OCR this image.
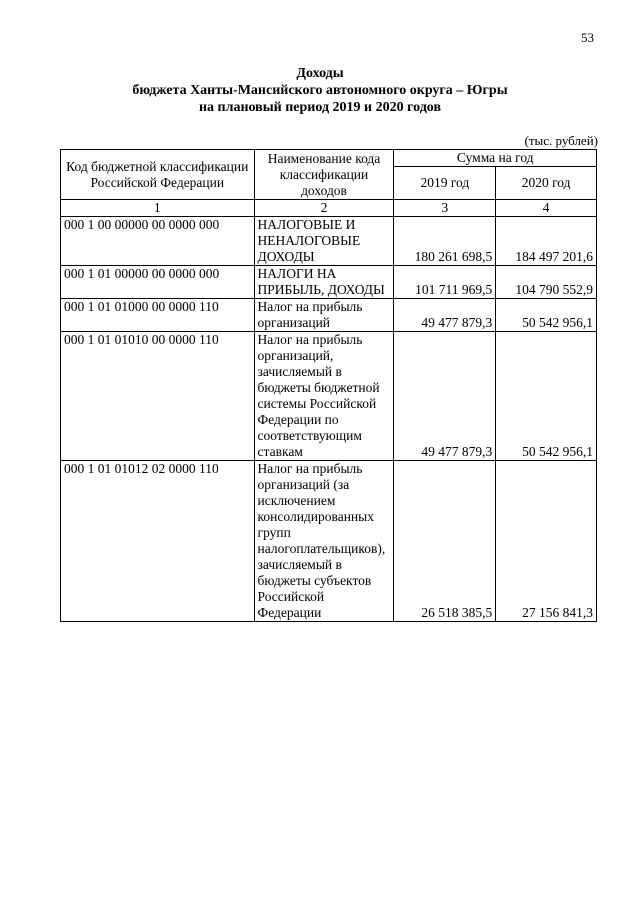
53
Доходы
бюджета Ханты-Мансийского автономного округа – Югры
на плановый период 2019 и 2020 годов
(тыс. рублей)
Код бюджетной классификации Российской Федерации	Наименование кода классификации доходов	Сумма на год	
		2019 год	2020 год
1	2	3	4
000 1 00 00000 00 0000 000	НАЛОГОВЫЕ И НЕНАЛОГОВЫЕ ДОХОДЫ	180 261 698,5	184 497 201,6
000 1 01 00000 00 0000 000	НАЛОГИ НА ПРИБЫЛЬ, ДОХОДЫ	101 711 969,5	104 790 552,9
000 1 01 01000 00 0000 110	Налог на прибыль организаций	49 477 879,3	50 542 956,1
000 1 01 01010 00 0000 110	Налог на прибыль организаций, зачисляемый в бюджеты бюджетной системы Российской Федерации по соответствующим ставкам	49 477 879,3	50 542 956,1
000 1 01 01012 02 0000 110	Налог на прибыль организаций (за исключением консолидированных групп налогоплательщиков), зачисляемый в бюджеты субъектов Российской Федерации	26 518 385,5	27 156 841,3
